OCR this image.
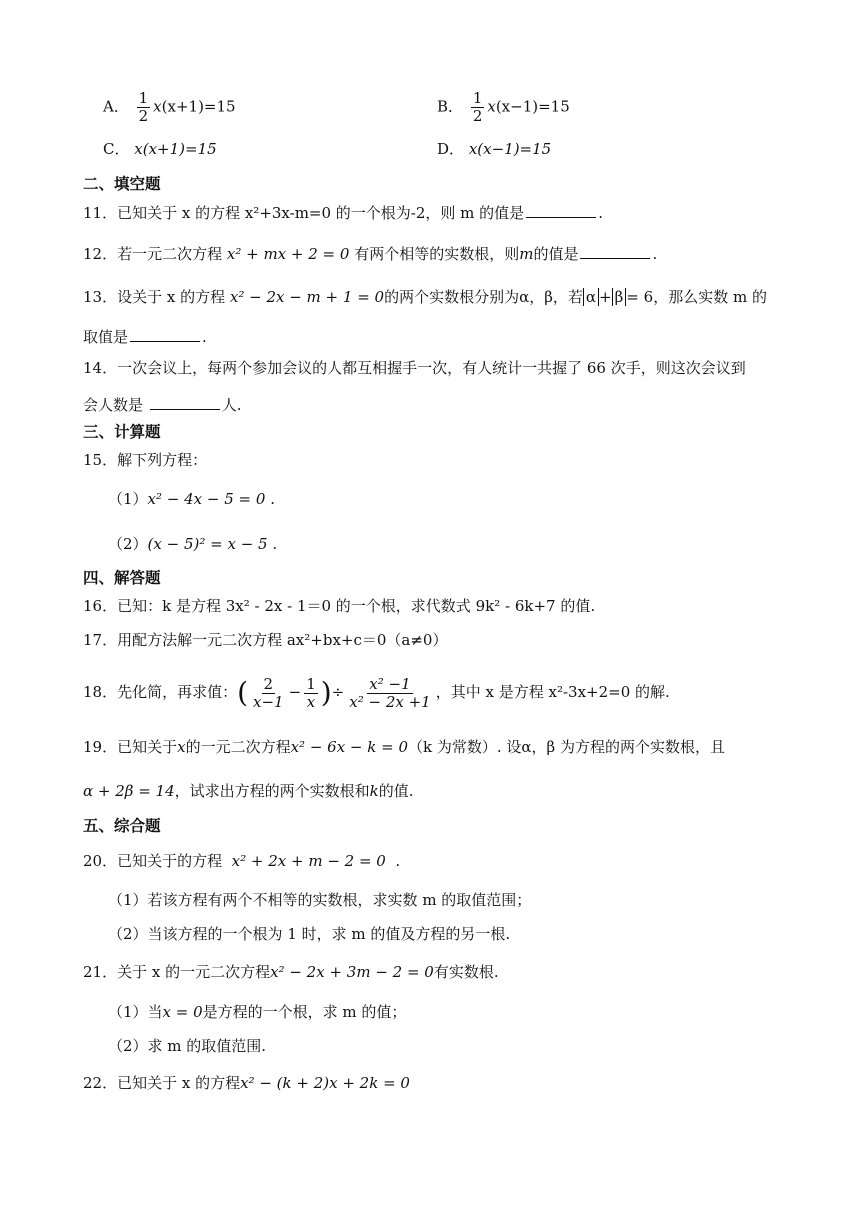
A． $\frac{1}{2} x(x+1)=15$	B． $\frac{1}{2} x(x-1)=15$
C． x(x+1)=15	D． x(x−1)=15
二、填空题
11．已知关于 x 的方程 x²+3x-m=0 的一个根为-2，则 m 的值是	.
12．若一元二次方程 x² + mx + 2 = 0 有两个相等的实数根，则m的值是	.
13．设关于 x 的方程 x² − 2x − m + 1 = 0的两个实数根分别为α，β，若 α + β = 6，那么实数 m 的
取值是	.
14．一次会议上，每两个参加会议的人都互相握手一次，有人统计一共握了 66 次手，则这次会议到
会人数是	人.
三、计算题
15．解下列方程：
（1）x² − 4x − 5 = 0 .
（2）(x − 5)² = x − 5 .
四、解答题
16．已知：k 是方程 3x² - 2x - 1＝0 的一个根，求代数式 9k² - 6k+7 的值.
17．用配方法解一元二次方程 ax²+bx+c＝0（a≠0）
18．先化简，再求值：( $\frac{2}{x-1} - \frac{1}{x}$ )÷ $\frac{\text{x² −1}}{\text{x² − 2x +1}}$ ，其中 x 是方程 x²-3x+2=0 的解.
19．已知关于x的一元二次方程x² − 6x − k = 0（k 为常数）. 设α，β 为方程的两个实数根，且
α + 2β = 14，试求出方程的两个实数根和k的值.
五、综合题
20．已知关于的方程 x² + 2x + m − 2 = 0 .
（1）若该方程有两个不相等的实数根，求实数 m 的取值范围；
（2）当该方程的一个根为 1 时，求 m 的值及方程的另一根.
21．关于 x 的一元二次方程x² − 2x + 3m − 2 = 0有实数根.
（1）当x = 0是方程的一个根，求 m 的值；
（2）求 m 的取值范围.
22．已知关于 x 的方程x² − (k + 2)x + 2k = 0
